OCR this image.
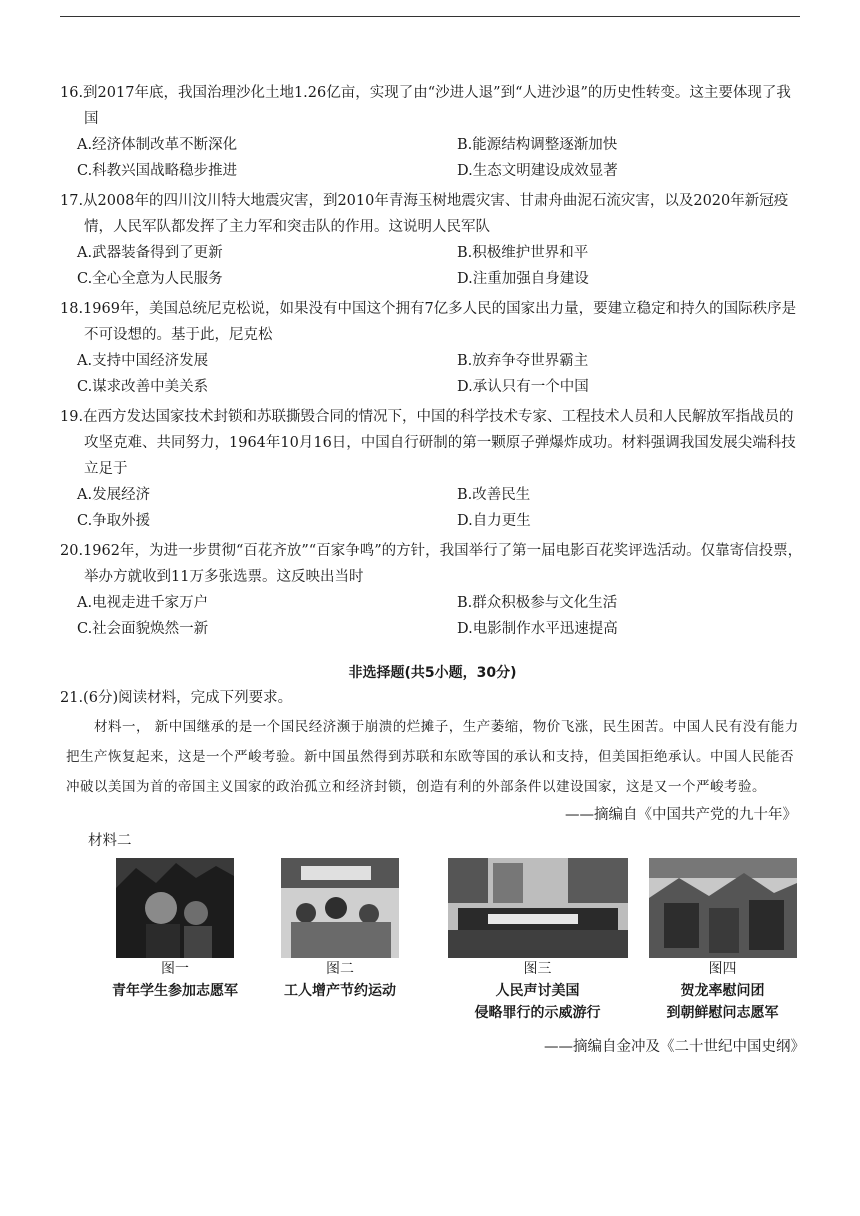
16.到2017年底，我国治理沙化土地1.26亿亩，实现了由“沙进人退”到“人进沙退”的历史性转变。这主要体现了我国
A.经济体制改革不断深化	B.能源结构调整逐渐加快
C.科教兴国战略稳步推进	D.生态文明建设成效显著
17.从2008年的四川汶川特大地震灾害，到2010年青海玉树地震灾害、甘肃舟曲泥石流灾害，以及2020年新冠疫情，人民军队都发挥了主力军和突击队的作用。这说明人民军队
A.武器装备得到了更新	B.积极维护世界和平
C.全心全意为人民服务	D.注重加强自身建设
18.1969年，美国总统尼克松说，如果没有中国这个拥有7亿多人民的国家出力量，要建立稳定和持久的国际秩序是不可设想的。基于此，尼克松
A.支持中国经济发展	B.放弃争夺世界霸主
C.谋求改善中美关系	D.承认只有一个中国
19.在西方发达国家技术封锁和苏联撕毁合同的情况下，中国的科学技术专家、工程技术人员和人民解放军指战员的攻坚克难、共同努力，1964年10月16日，中国自行研制的第一颗原子弹爆炸成功。材料强调我国发展尖端科技立足于
A.发展经济	B.改善民生
C.争取外援	D.自力更生
20.1962年，为进一步贯彻“百花齐放”“百家争鸣”的方针，我国举行了第一届电影百花奖评选活动。仅靠寄信投票，举办方就收到11万多张选票。这反映出当时
A.电视走进千家万户	B.群众积极参与文化生活
C.社会面貌焕然一新	D.电影制作水平迅速提高
非选择题(共5小题，30分)
21.(6分)阅读材料，完成下列要求。
材料一， 新中国继承的是一个国民经济濒于崩溃的烂摊子，生产萎缩，物价飞涨，民生困苦。中国人民有没有能力把生产恢复起来，这是一个严峻考验。新中国虽然得到苏联和东欧等国的承认和支持，但美国拒绝承认。中国人民能否冲破以美国为首的帝国主义国家的政治孤立和经济封锁，创造有利的外部条件以建设国家，这是又一个严峻考验。
——摘编自《中国共产党的九十年》
材料二
图一
青年学生参加志愿军
图二
工人增产节约运动
图三
人民声讨美国
侵略罪行的示威游行
图四
贺龙率慰问团
到朝鲜慰问志愿军
——摘编自金冲及《二十世纪中国史纲》
